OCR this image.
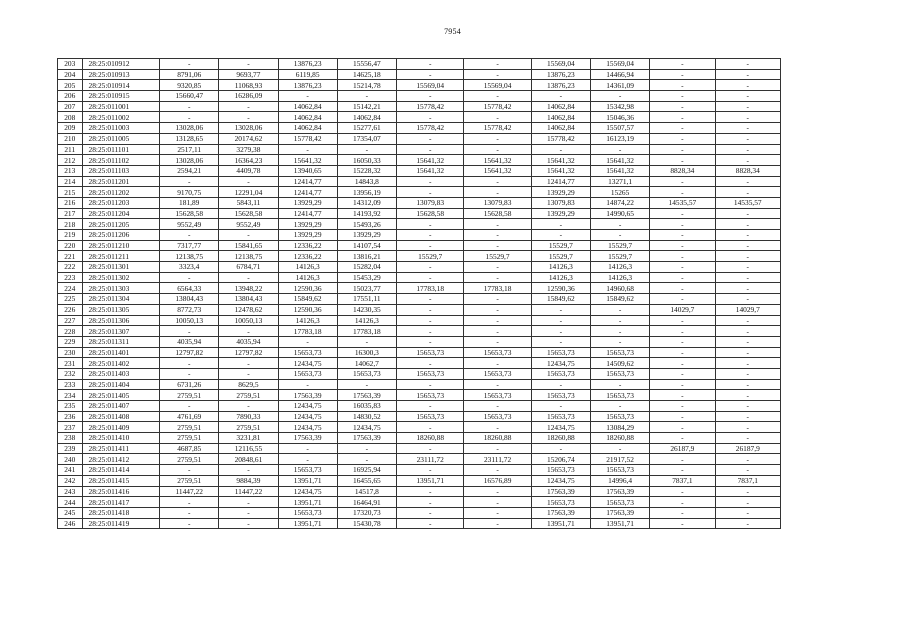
7954
203	28:25:010912	-	-	13876,23	15556,47	-	-	15569,04	15569,04	-	-
204	28:25:010913	8791,06	9693,77	6119,85	14625,18	-	-	13876,23	14466,94	-	-
205	28:25:010914	9320,85	11068,93	13876,23	15214,78	15569,04	15569,04	13876,23	14361,09	-	-
206	28:25:010915	15660,47	16286,09	-	-	-	-	-	-	-	-
207	28:25:011001	-	-	14062,84	15142,21	15778,42	15778,42	14062,84	15342,98	-	-
208	28:25:011002	-	-	14062,84	14062,84	-	-	14062,84	15046,36	-	-
209	28:25:011003	13028,06	13028,06	14062,84	15277,61	15778,42	15778,42	14062,84	15507,57	-	-
210	28:25:011005	13128,65	20174,62	15778,42	17354,07	-	-	15778,42	16123,19	-	-
211	28:25:011101	2517,11	3279,38	-	-	-	-	-	-	-	-
212	28:25:011102	13028,06	16364,23	15641,32	16050,33	15641,32	15641,32	15641,32	15641,32	-	-
213	28:25:011103	2594,21	4409,78	13940,65	15228,32	15641,32	15641,32	15641,32	15641,32	8828,34	8828,34
214	28:25:011201	-	-	12414,77	14843,8	-	-	12414,77	13271,1	-	-
215	28:25:011202	9170,75	12291,04	12414,77	13956,19	-	-	13929,29	15265	-	-
216	28:25:011203	181,89	5843,11	13929,29	14312,09	13079,83	13079,83	13079,83	14874,22	14535,57	14535,57
217	28:25:011204	15628,58	15628,58	12414,77	14193,92	15628,58	15628,58	13929,29	14990,65	-	-
218	28:25:011205	9552,49	9552,49	13929,29	15493,26	-	-	-	-	-	-
219	28:25:011206	-	-	13929,29	13929,29	-	-	-	-	-	-
220	28:25:011210	7317,77	15841,65	12336,22	14107,54	-	-	15529,7	15529,7	-	-
221	28:25:011211	12138,75	12138,75	12336,22	13816,21	15529,7	15529,7	15529,7	15529,7	-	-
222	28:25:011301	3323,4	6784,71	14126,3	15282,04	-	-	14126,3	14126,3	-	-
223	28:25:011302	-	-	14126,3	15453,29	-	-	14126,3	14126,3	-	-
224	28:25:011303	6564,33	13948,22	12590,36	15023,77	17783,18	17783,18	12590,36	14960,68	-	-
225	28:25:011304	13804,43	13804,43	15849,62	17551,11	-	-	15849,62	15849,62	-	-
226	28:25:011305	8772,73	12478,62	12590,36	14230,35	-	-	-	-	14029,7	14029,7
227	28:25:011306	10050,13	10050,13	14126,3	14126,3	-	-	-	-	-	-
228	28:25:011307	-	-	17783,18	17783,18	-	-	-	-	-	-
229	28:25:011311	4035,94	4035,94	-	-	-	-	-	-	-	-
230	28:25:011401	12797,82	12797,82	15653,73	16300,3	15653,73	15653,73	15653,73	15653,73	-	-
231	28:25:011402	-	-	12434,75	14062,7	-	-	12434,75	14509,62	-	-
232	28:25:011403	-	-	15653,73	15653,73	15653,73	15653,73	15653,73	15653,73	-	-
233	28:25:011404	6731,26	8629,5	-	-	-	-	-	-	-	-
234	28:25:011405	2759,51	2759,51	17563,39	17563,39	15653,73	15653,73	15653,73	15653,73	-	-
235	28:25:011407	-	-	12434,75	16035,83	-	-	-	-	-	-
236	28:25:011408	4761,69	7890,33	12434,75	14830,52	15653,73	15653,73	15653,73	15653,73	-	-
237	28:25:011409	2759,51	2759,51	12434,75	12434,75	-	-	12434,75	13084,29	-	-
238	28:25:011410	2759,51	3231,81	17563,39	17563,39	18260,88	18260,88	18260,88	18260,88	-	-
239	28:25:011411	4687,85	12116,55	-	-	-	-	-	-	26187,9	26187,9
240	28:25:011412	2759,51	20848,61	-	-	23111,72	23111,72	15206,74	21917,52	-	-
241	28:25:011414	-	-	15653,73	16925,94	-	-	15653,73	15653,73	-	-
242	28:25:011415	2759,51	9884,39	13951,71	16455,65	13951,71	16576,89	12434,75	14996,4	7837,1	7837,1
243	28:25:011416	11447,22	11447,22	12434,75	14517,8	-	-	17563,39	17563,39	-	-
244	28:25:011417	-	-	13951,71	16464,91	-	-	15653,73	15653,73	-	-
245	28:25:011418	-	-	15653,73	17320,73	-	-	17563,39	17563,39	-	-
246	28:25:011419	-	-	13951,71	15430,78	-	-	13951,71	13951,71	-	-
